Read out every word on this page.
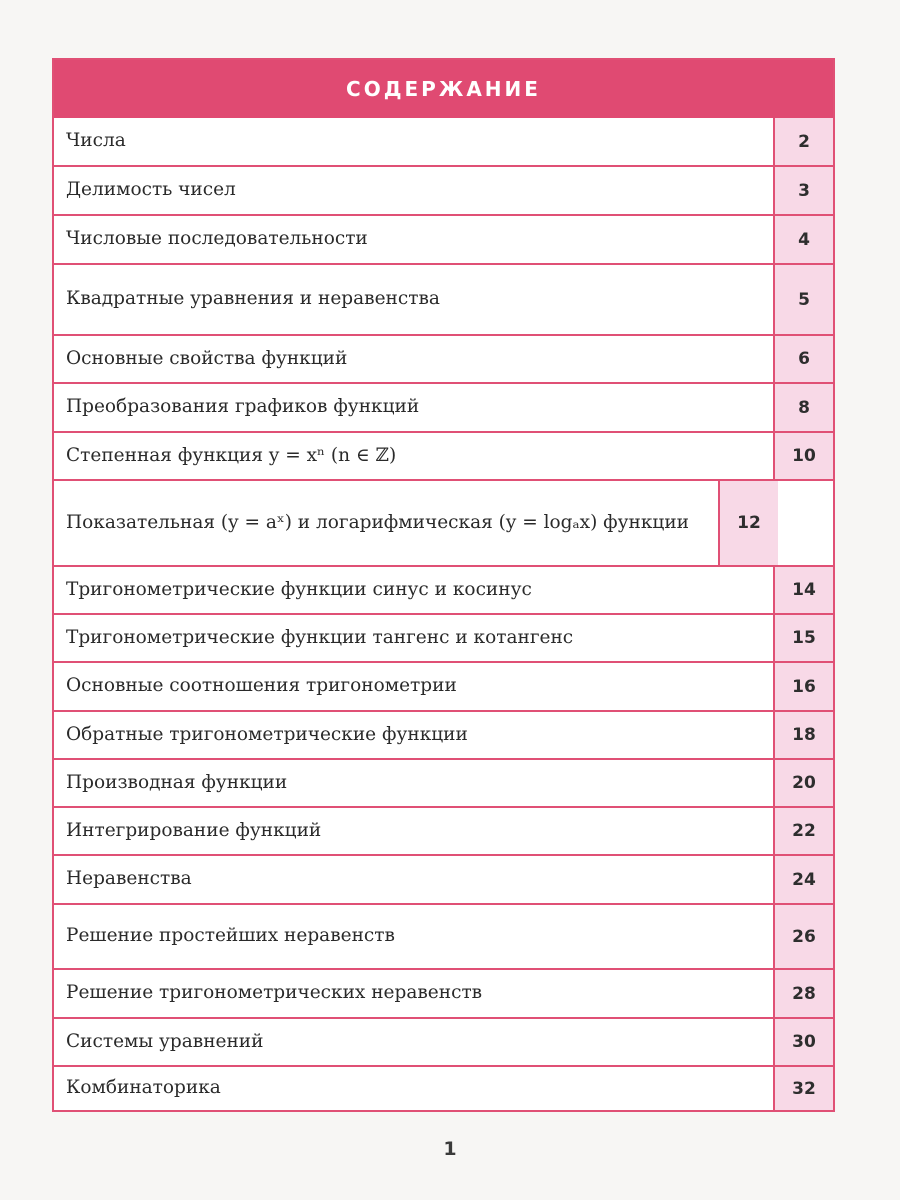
СОДЕРЖАНИЕ
Числа	2
Делимость чисел	3
Числовые последовательности	4
Квадратные уравнения и неравенства	5
Основные свойства функций	6
Преобразования графиков функций	8
Степенная функция y = xⁿ (n ∈ ℤ)	10
Показательная (y = aˣ) и логарифмическая (y = logₐx) функции	12
Тригонометрические функции синус и косинус	14
Тригонометрические функции тангенс и котангенс	15
Основные соотношения тригонометрии	16
Обратные тригонометрические функции	18
Производная функции	20
Интегрирование функций	22
Неравенства	24
Решение простейших неравенств	26
Решение тригонометрических неравенств	28
Системы уравнений	30
Комбинаторика	32
1
